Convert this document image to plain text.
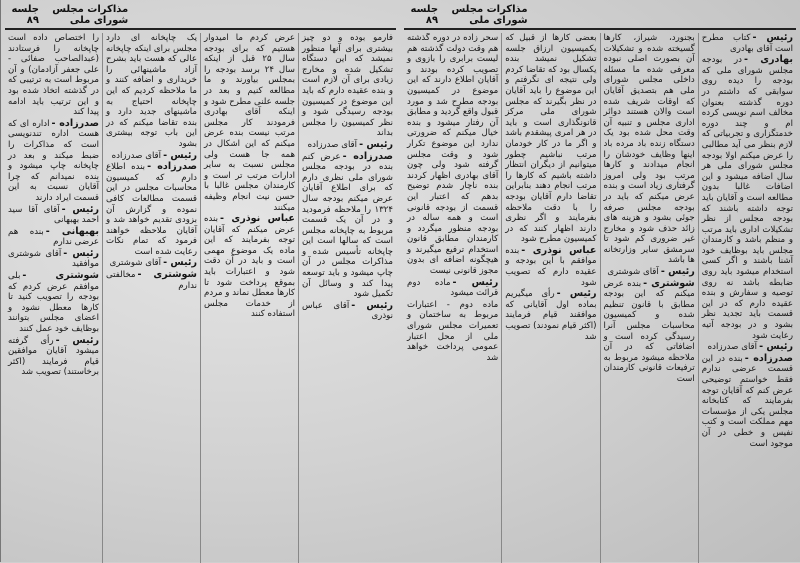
مذاکرات مجلس شورای ملی
جلسه ۸۹

فارمو بوده و دو چیز بیشتری برای آنها منظور نمیشد که این دستگاه تشکیل شده و مخارج زیادی برای آن لازم است و بنده عقیده دارم که باید این موضوع در کمیسیون بودجه رسیدگی شود و نظر کمیسیون را مجلس بداند

رئیس -آقای صدرزاده

صدرزاده -عرض کنم بنده در بودجه مجلس شورای ملی نظری دارم که برای اطلاع آقایان عرض میکنم بودجه سال ۱۳۲۴ را ملاحظه فرمودید و در آن یک قسمت مربوط به چاپخانه مجلس است که سالها است این چاپخانه تأسیس شده و مذاکرات مجلس در آن چاپ میشود و باید توسعه پیدا کند و وسائل آن تکمیل شود

رئیس -آقای عباس نوذری

عرض کردم ما امیدوار هستیم که برای بودجه سال ۲۵ قبل از اینکه سال ۲۴ برسد بودجه را بمجلس بیاورند و ما مطالعه کنیم و بعد در جلسه علنی مطرح شود و اینکه آقای بهادری فرمودند کار مجلس مرتب نیست بنده عرض میکنم که این اشکال در همه جا هست ولی مجلس نسبت به سایر ادارات مرتب تر است و کارمندان مجلس غالبا با حسن نیت انجام وظیفه میکنند

عباس نوذری -بنده عرض میکنم که آقایان توجه بفرمایند که این ماده یک موضوع مهمی است و باید در آن دقت شود و اعتبارات باید بموقع پرداخت شود تا کارها معطل نماند و مردم از خدمات مجلس استفاده کنند

یک چاپخانه ای دارد مجلس برای اینکه چاپخانه عالی که هست باید بشرح آزاد ماشینهائی را خریداری و اضافه کنند و ما ملاحظه کردیم که این چاپخانه احتیاج به ماشینهای جدید دارد و بنده تقاضا میکنم که در این باب توجه بیشتری بشود

رئیس -آقای صدرزاده

صدرزاده -بنده اطلاع دارم که کمیسیون محاسبات مجلس در این قسمت مطالعات کافی نموده و گزارش آن بزودی تقدیم خواهد شد و آقایان ملاحظه خواهند فرمود که تمام نکات رعایت شده است

رئیس -آقای شوشتری

شوشتری -مخالفتی ندارم

را اختصاص داده است چاپخانه را فرستادند (عبدالصاحب صفائی - علی جعفر آزادمان) و آن مربوط است به ترتیبی که در گذشته اتخاذ شده بود و این ترتیب باید ادامه پیدا کند

صدرزاده -اداره ای که هست اداره تندنویسی است که مذاکرات را ضبط میکند و بعد در چاپخانه چاپ میشود و بنده نمیدانم که چرا آقایان نسبت به این قسمت ایراد دارند

رئیس -آقای آقا سید احمد بهبهانی

بهبهانی -بنده هم عرضی ندارم

رئیس -آقای شوشتری موافقید

شوشتری -بلی موافقم عرض کردم که بودجه را تصویب کنید تا کارها معطل نشود و اعضای مجلس بتوانند بوظایف خود عمل کنند

رئیس -رأی گرفته میشود آقایان موافقین قیام فرمایند (اکثر برخاستند) تصویب شد

مذاکرات مجلس شورای ملی
جلسه ۸۹

رئیس -کتاب مطرح است آقای بهادری

بهادری -در بودجه مجلس شورای ملی که بودجه را دیده روی سوابقی که داشتم در دوره گذشته بعنوان مخالف اسم نویسی کرده ام و چند دوره خدمتگزاری و تجربیاتی که لازم بنظر می آید مطالبی را عرض میکنم اولا بودجه مجلس شورای ملی هر سال اضافه میشود و این اضافات غالبا بدون مطالعه است و آقایان باید توجه داشته باشند که بودجه مجلس از نظر تشکیلات اداری باید مرتب و منظم باشد و کارمندان مجلس باید بوظایف خود آشنا باشند و اگر کسی استخدام میشود باید روی ضابطه باشد نه روی توصیه و سفارش و بنده عقیده دارم که در این قسمت باید تجدید نظر بشود و در بودجه آتیه رعایت شود

رئیس -آقای صدرزاده

صدرزاده -بنده در این قسمت عرضی ندارم فقط خواستم توضیحی عرض کنم که آقایان توجه بفرمایند که کتابخانه مجلس یکی از مؤسسات مهم مملکت است و کتب نفیس و خطی در آن موجود است

بجنورد، شیراز، کارها گسیخته شده و تشکیلات آن بصورت اصلی نبوده معرفی شده ما مسئله داخلی مجلس شورای ملی هم بتصدیق آقایان که اوقات شریف شده است والان هستند دوائر اداری مجلس و تنبیه آن وقت محل شده بود یک دستگاه زنده باد مرده باد اینها وظایف خودشان را انجام میدادند و کارها مرتب بود ولی امروز گرفتاری زیاد است و بنده عرض میکنم که باید در بودجه مجلس صرفه جوئی بشود و هزینه های زائد حذف شود و مخارج غیر ضروری کم شود تا سرمشق سایر وزارتخانه ها باشد

رئیس -آقای شوشتری

شوشتری -بنده عرض میکنم که این بودجه مطابق با قانون تنظیم شده و کمیسیون محاسبات مجلس آنرا رسیدگی کرده است و اضافاتی که در آن ملاحظه میشود مربوط به ترفیعات قانونی کارمندان است

بعضی کارها از قبیل که یکمیسیون ارزاق جلسه تشکیل نمیشد بنده یکسال بود که تقاضا کردم ولی نتیجه ای نگرفتم و این موضوع را باید آقایان در نظر بگیرند که مجلس شورای ملی مرکز قانونگذاری است و باید در هر امری پیشقدم باشد و اگر ما در کار خودمان مرتب نباشیم چطور میتوانیم از دیگران انتظار داشته باشیم که کارها را مرتب انجام دهند بنابراین تقاضا دارم آقایان بودجه را با دقت ملاحظه بفرمایند و اگر نظری دارند اظهار کنند که در کمیسیون مطرح شود

عباس نوذری -بنده موافقم با این بودجه و عقیده دارم که تصویب شود

رئیس -رأی میگیریم بماده اول آقایانی که موافقند قیام فرمایند (اکثر قیام نمودند) تصویب شد

سحر زاده در دوره گذشته هم وقت دولت گذشته هم لیست برابری را بازوی و تصویب کرده بودند و آقایان اطلاع دارند که این موضوع در کمیسیون بودجه مطرح شد و مورد قبول واقع گردید و مطابق آن رفتار میشود و بنده خیال میکنم که ضرورتی ندارد این موضوع تکرار شود و وقت مجلس گرفته شود ولی چون آقای بهادری اظهار کردند بنده ناچار شدم توضیح بدهم که اعتبار این قسمت از بودجه قانونی است و همه ساله در بودجه منظور میگردد و کارمندان مطابق قانون استخدام ترفیع میگیرند و هیچگونه اضافه ای بدون مجوز قانونی نیست

رئیس -ماده دوم قرائت میشود

ماده دوم - اعتبارات مربوط به ساختمان و تعمیرات مجلس شورای ملی از محل اعتبار عمومی پرداخت خواهد شد
